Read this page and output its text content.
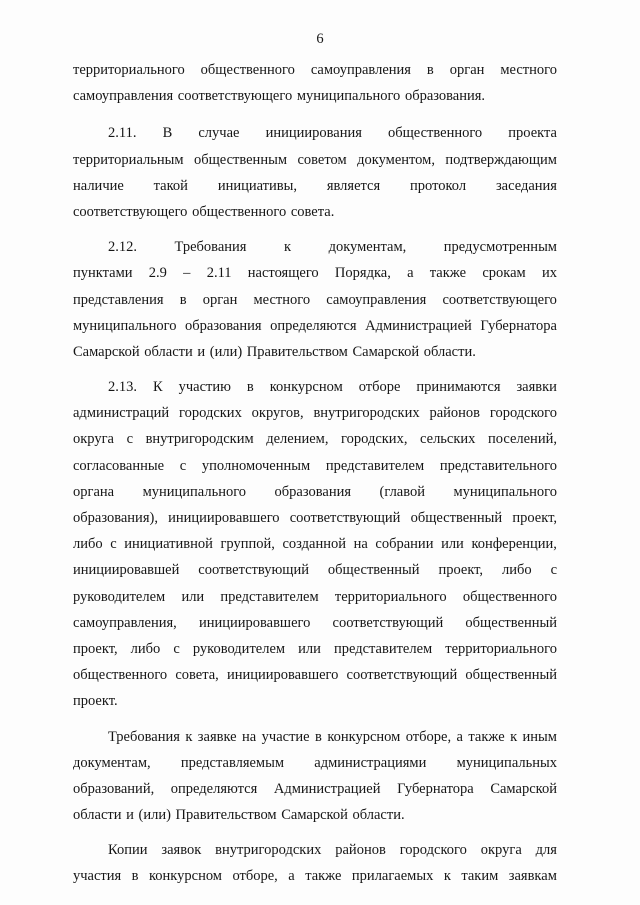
6
территориального общественного самоуправления в орган местного
самоуправления соответствующего муниципального образования.
2.11. В случае инициирования общественного проекта
территориальным общественным советом документом, подтверждающим
наличие такой инициативы, является протокол заседания
соответствующего общественного совета.
2.12.	Требования	к	документам,	предусмотренным
пунктами 2.9 – 2.11 настоящего Порядка, а также срокам их
представления в орган местного самоуправления соответствующего
муниципального образования определяются Администрацией Губернатора
Самарской области и (или) Правительством Самарской области.
2.13. К участию в конкурсном отборе принимаются заявки
администраций городских округов, внутригородских районов городского
округа с внутригородским делением, городских, сельских поселений,
согласованные с уполномоченным представителем представительного
органа муниципального образования (главой муниципального
образования), инициировавшего соответствующий общественный проект,
либо с инициативной группой, созданной на собрании или конференции,
инициировавшей соответствующий общественный проект, либо с
руководителем или представителем территориального общественного
самоуправления, инициировавшего соответствующий общественный
проект, либо с руководителем или представителем территориального
общественного совета, инициировавшего соответствующий общественный
проект.
Требования к заявке на участие в конкурсном отборе, а также к иным
документам, представляемым администрациями муниципальных
образований, определяются Администрацией Губернатора Самарской
области и (или) Правительством Самарской области.
Копии заявок внутригородских районов городского округа для
участия в конкурсном отборе, а также прилагаемых к таким заявкам
